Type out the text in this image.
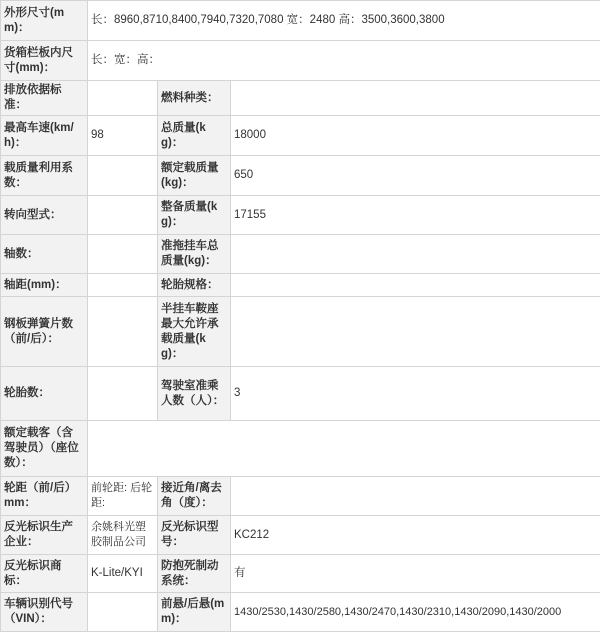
外形尺寸(mm)：	长：8960,8710,8400,7940,7320,7080 宽：2480 高：3500,3600,3800		
货箱栏板内尺寸(mm)：	长：宽：高：		
排放依据标准：		燃料种类：	
最高车速(km/h)：	98	总质量(kg)：	18000
载质量利用系数：		额定载质量(kg)：	650
转向型式：		整备质量(kg)：	17155
轴数：		准拖挂车总质量(kg)：	
轴距(mm)：		轮胎规格：	
钢板弹簧片数（前/后）：		半挂车鞍座最大允许承载质量(kg)：	
轮胎数：		驾驶室准乘人数（人）：	3
额定载客（含驾驶员）（座位数）：			
轮距（前/后）mm：	前轮距: 后轮距:	接近角/离去角（度）：	
反光标识生产企业：	余姚科光塑胶制品公司	反光标识型号：	KC212
反光标识商标：	K-Lite/KYI	防抱死制动系统：	有
车辆识别代号（VIN）：		前悬/后悬(mm)：	1430/2530,1430/2580,1430/2470,1430/2310,1430/2090,1430/2000
